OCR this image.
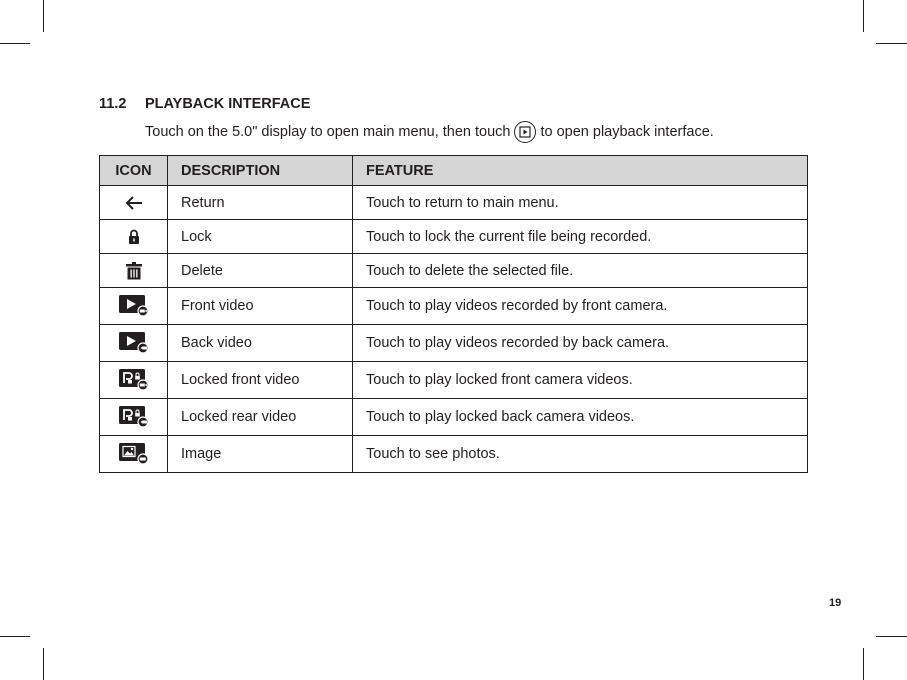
11.2 PLAYBACK INTERFACE
Touch on the 5.0" display to open main menu, then touch to open playback interface.
ICON	DESCRIPTION	FEATURE
	Return	Touch to return to main menu.
	Lock	Touch to lock the current file being recorded.
	Delete	Touch to delete the selected file.
	Front video	Touch to play videos recorded by front camera.
	Back video	Touch to play videos recorded by back camera.
	Locked front video	Touch to play locked front camera videos.
	Locked rear video	Touch to play locked back camera videos.
	Image	Touch to see photos.
19
